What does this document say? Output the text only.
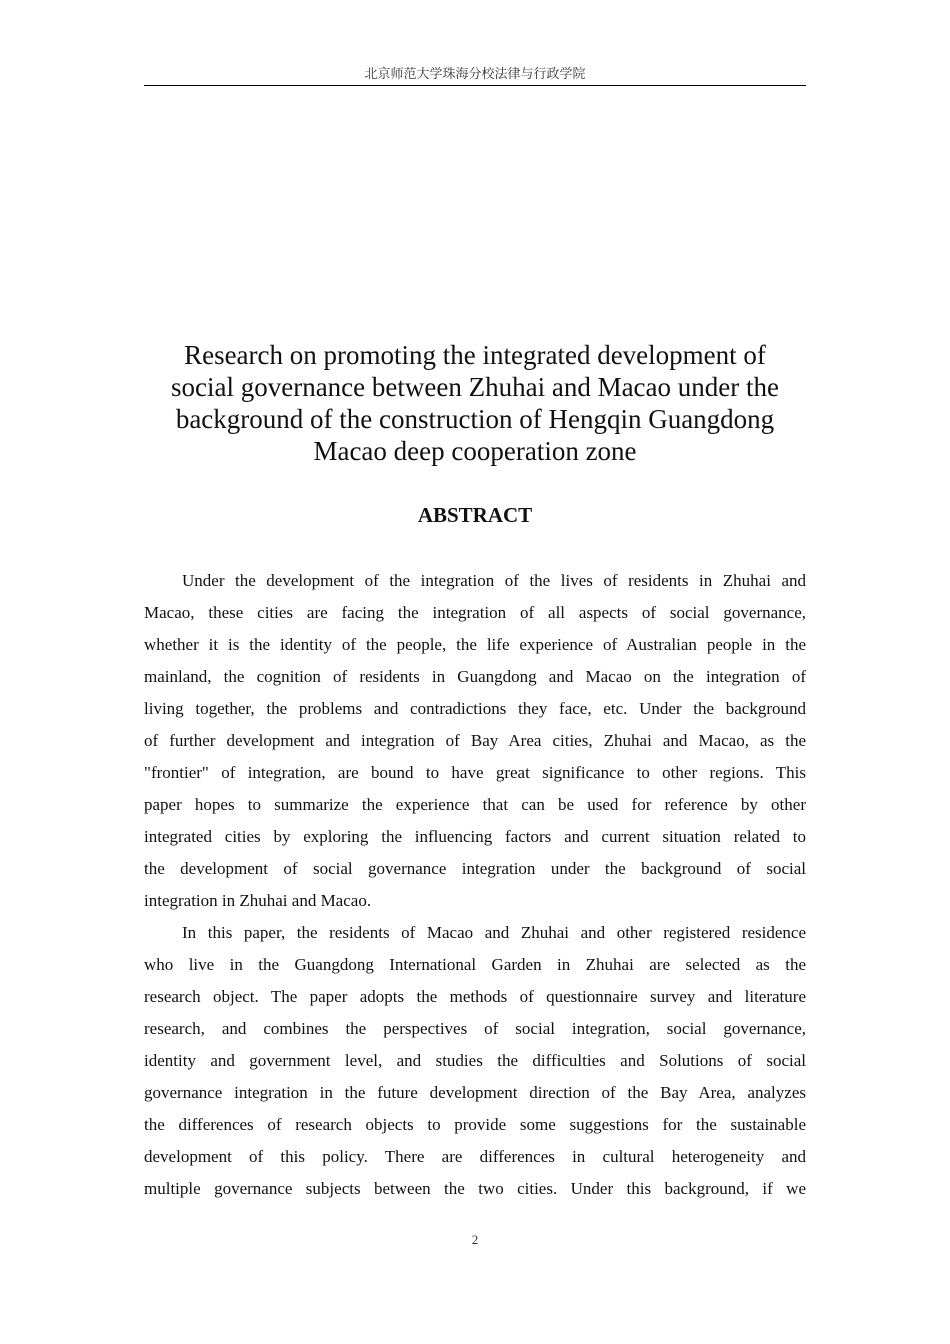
北京师范大学珠海分校法律与行政学院
Research on promoting the integrated development of
social governance between Zhuhai and Macao under the
background of the construction of Hengqin Guangdong
Macao deep cooperation zone
ABSTRACT
Under the development of the integration of the lives of residents in Zhuhai and
Macao, these cities are facing the integration of all aspects of social governance,
whether it is the identity of the people, the life experience of Australian people in the
mainland, the cognition of residents in Guangdong and Macao on the integration of
living together, the problems and contradictions they face, etc. Under the background
of further development and integration of Bay Area cities, Zhuhai and Macao, as the
"frontier" of integration, are bound to have great significance to other regions. This
paper hopes to summarize the experience that can be used for reference by other
integrated cities by exploring the influencing factors and current situation related to
the development of social governance integration under the background of social
integration in Zhuhai and Macao.
In this paper, the residents of Macao and Zhuhai and other registered residence
who live in the Guangdong International Garden in Zhuhai are selected as the
research object. The paper adopts the methods of questionnaire survey and literature
research, and combines the perspectives of social integration, social governance,
identity and government level, and studies the difficulties and Solutions of social
governance integration in the future development direction of the Bay Area, analyzes
the differences of research objects to provide some suggestions for the sustainable
development of this policy. There are differences in cultural heterogeneity and
multiple governance subjects between the two cities. Under this background, if we
2
